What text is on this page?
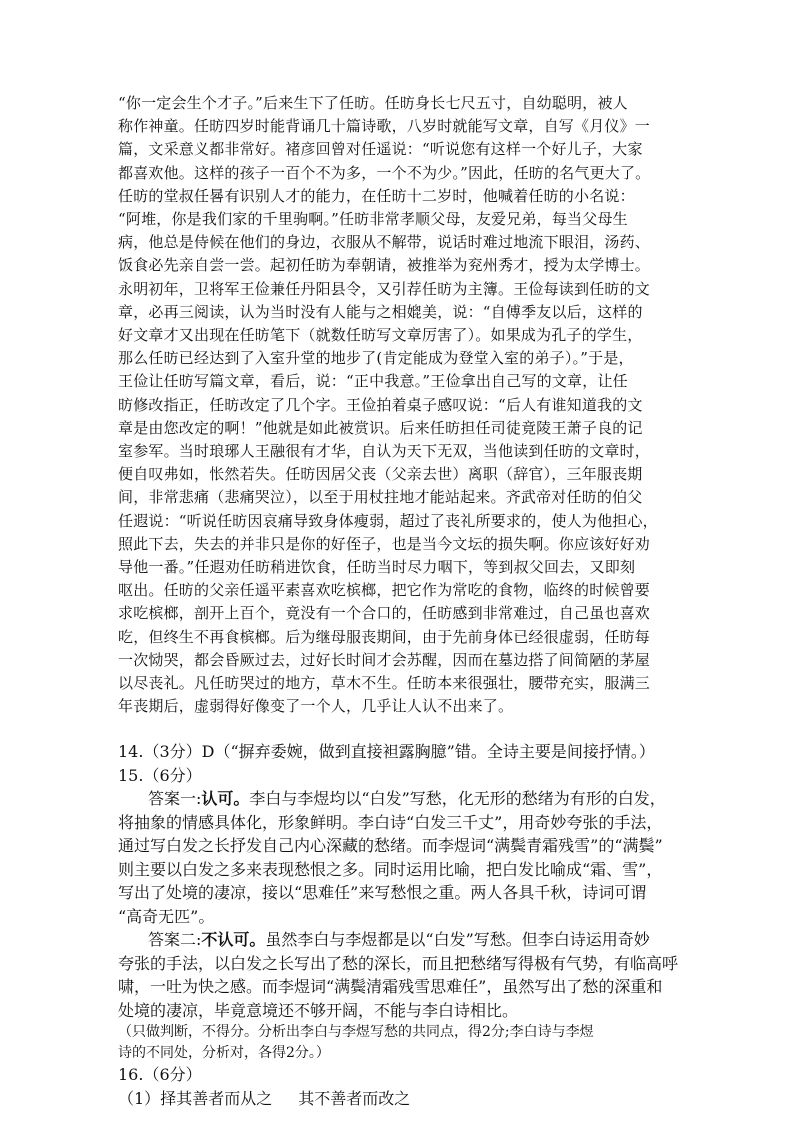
“你一定会生个才子。”后来生下了任昉。任昉身长七尺五寸，自幼聪明，被人
称作神童。任昉四岁时能背诵几十篇诗歌，八岁时就能写文章，自写《月仪》一
篇，文采意义都非常好。褚彦回曾对任遥说：“听说您有这样一个好儿子，大家
都喜欢他。这样的孩子一百个不为多，一个不为少。”因此，任昉的名气更大了。
任昉的堂叔任晷有识别人才的能力，在任昉十二岁时，他喊着任昉的小名说：
“阿堆，你是我们家的千里驹啊。”任昉非常孝顺父母，友爱兄弟，每当父母生
病，他总是侍候在他们的身边，衣服从不解带，说话时难过地流下眼泪，汤药、
饭食必先亲自尝一尝。起初任昉为奉朝请，被推举为兖州秀才，授为太学博士。
永明初年，卫将军王俭兼任丹阳县令，又引荐任昉为主簿。王俭每读到任昉的文
章，必再三阅读，认为当时没有人能与之相媲美，说：“自傅季友以后，这样的
好文章才又出现在任昉笔下（就数任昉写文章厉害了）。如果成为孔子的学生，
那么任昉已经达到了入室升堂的地步了(肯定能成为登堂入室的弟子）。”于是，
王俭让任昉写篇文章，看后，说：“正中我意。”王俭拿出自己写的文章，让任
昉修改指正，任昉改定了几个字。王俭拍着桌子感叹说：“后人有谁知道我的文
章是由您改定的啊！”他就是如此被赏识。后来任昉担任司徒竟陵王萧子良的记
室参军。当时琅琊人王融很有才华，自认为天下无双，当他读到任昉的文章时，
便自叹弗如，怅然若失。任昉因居父丧（父亲去世）离职（辞官），三年服丧期
间，非常悲痛（悲痛哭泣），以至于用杖拄地才能站起来。齐武帝对任昉的伯父
任遐说：“听说任昉因哀痛导致身体瘦弱，超过了丧礼所要求的，使人为他担心，
照此下去，失去的并非只是你的好侄子，也是当今文坛的损失啊。你应该好好劝
导他一番。”任遐劝任昉稍进饮食，任昉当时尽力咽下，等到叔父回去，又即刻
呕出。任昉的父亲任遥平素喜欢吃槟榔，把它作为常吃的食物，临终的时候曾要
求吃槟榔，剖开上百个，竟没有一个合口的，任昉感到非常难过，自己虽也喜欢
吃，但终生不再食槟榔。后为继母服丧期间，由于先前身体已经很虚弱，任昉每
一次恸哭，都会昏厥过去，过好长时间才会苏醒，因而在墓边搭了间简陋的茅屋
以尽丧礼。凡任昉哭过的地方，草木不生。任昉本来很强壮，腰带充实，服满三
年丧期后，虚弱得好像变了一个人，几乎让人认不出来了。
14.（3分）D（“摒弃委婉，做到直接袒露胸臆”错。全诗主要是间接抒情。）
15.（6分）
答案一:认可。李白与李煜均以“白发”写愁，化无形的愁绪为有形的白发，
将抽象的情感具体化，形象鲜明。李白诗“白发三千丈”，用奇妙夸张的手法，
通过写白发之长抒发自己内心深藏的愁绪。而李煜词“满鬓青霜残雪”的“满鬓”
则主要以白发之多来表现愁恨之多。同时运用比喻，把白发比喻成“霜、雪”，
写出了处境的凄凉，接以“思难任”来写愁恨之重。两人各具千秋，诗词可谓
“高奇无匹”。
答案二:不认可。虽然李白与李煜都是以“白发”写愁。但李白诗运用奇妙
夸张的手法，以白发之长写出了愁的深长，而且把愁绪写得极有气势，有临高呼
啸，一吐为快之感。而李煜词“满鬓清霜残雪思难任”，虽然写出了愁的深重和
处境的凄凉，毕竟意境还不够开阔，不能与李白诗相比。
（只做判断，不得分。分析出李白与李煜写愁的共同点，得2分;李白诗与李煜
诗的不同处，分析对，各得2分。）
16.（6分）
（1）择其善者而从之 其不善者而改之
